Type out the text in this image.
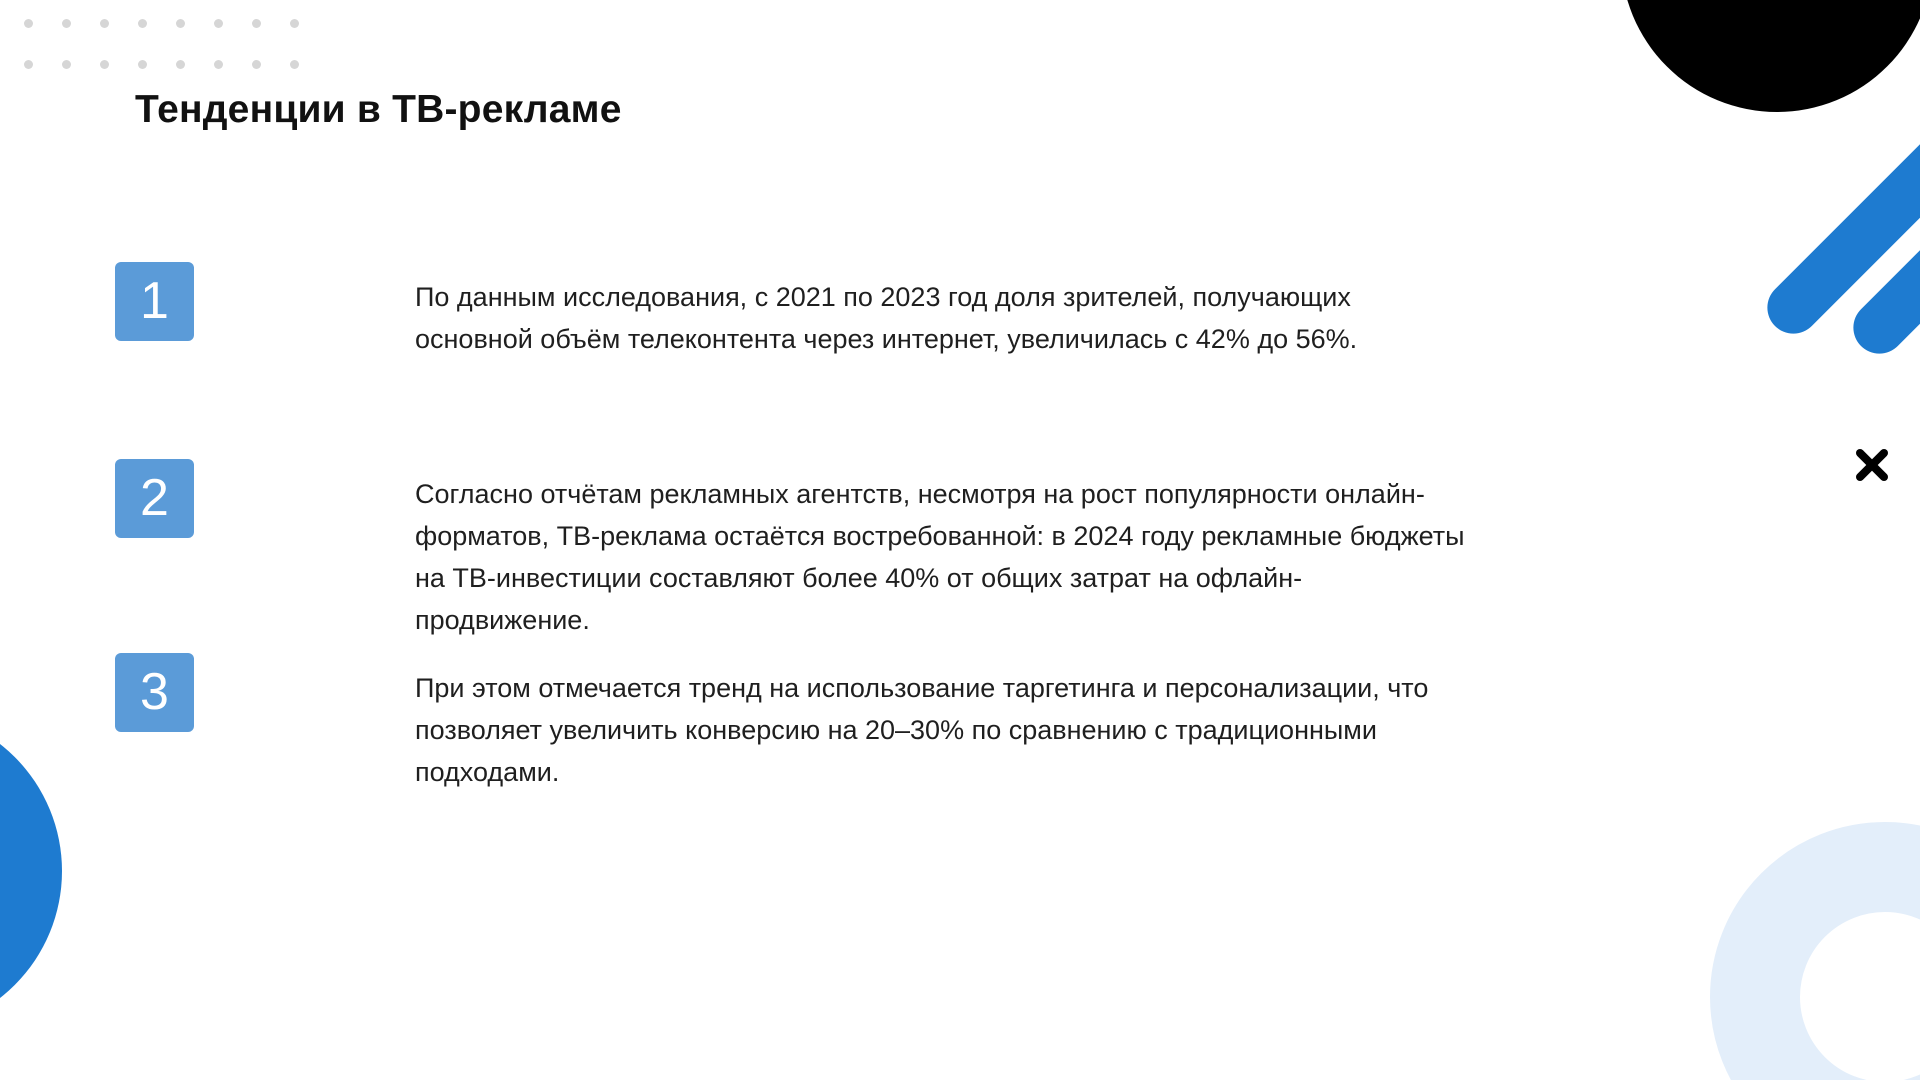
Тенденции в ТВ-рекламе
1	По данным исследования, с 2021 по 2023 год доля зрителей, получающих основной объём телеконтента через интернет, увеличилась с 42% до 56%.
2	Согласно отчётам рекламных агентств, несмотря на рост популярности онлайн-форматов, ТВ-реклама остаётся востребованной: в 2024 году рекламные бюджеты на ТВ-инвестиции составляют более 40% от общих затрат на офлайн-продвижение.
3	При этом отмечается тренд на использование таргетинга и персонализации, что позволяет увеличить конверсию на 20–30% по сравнению с традиционными подходами.
